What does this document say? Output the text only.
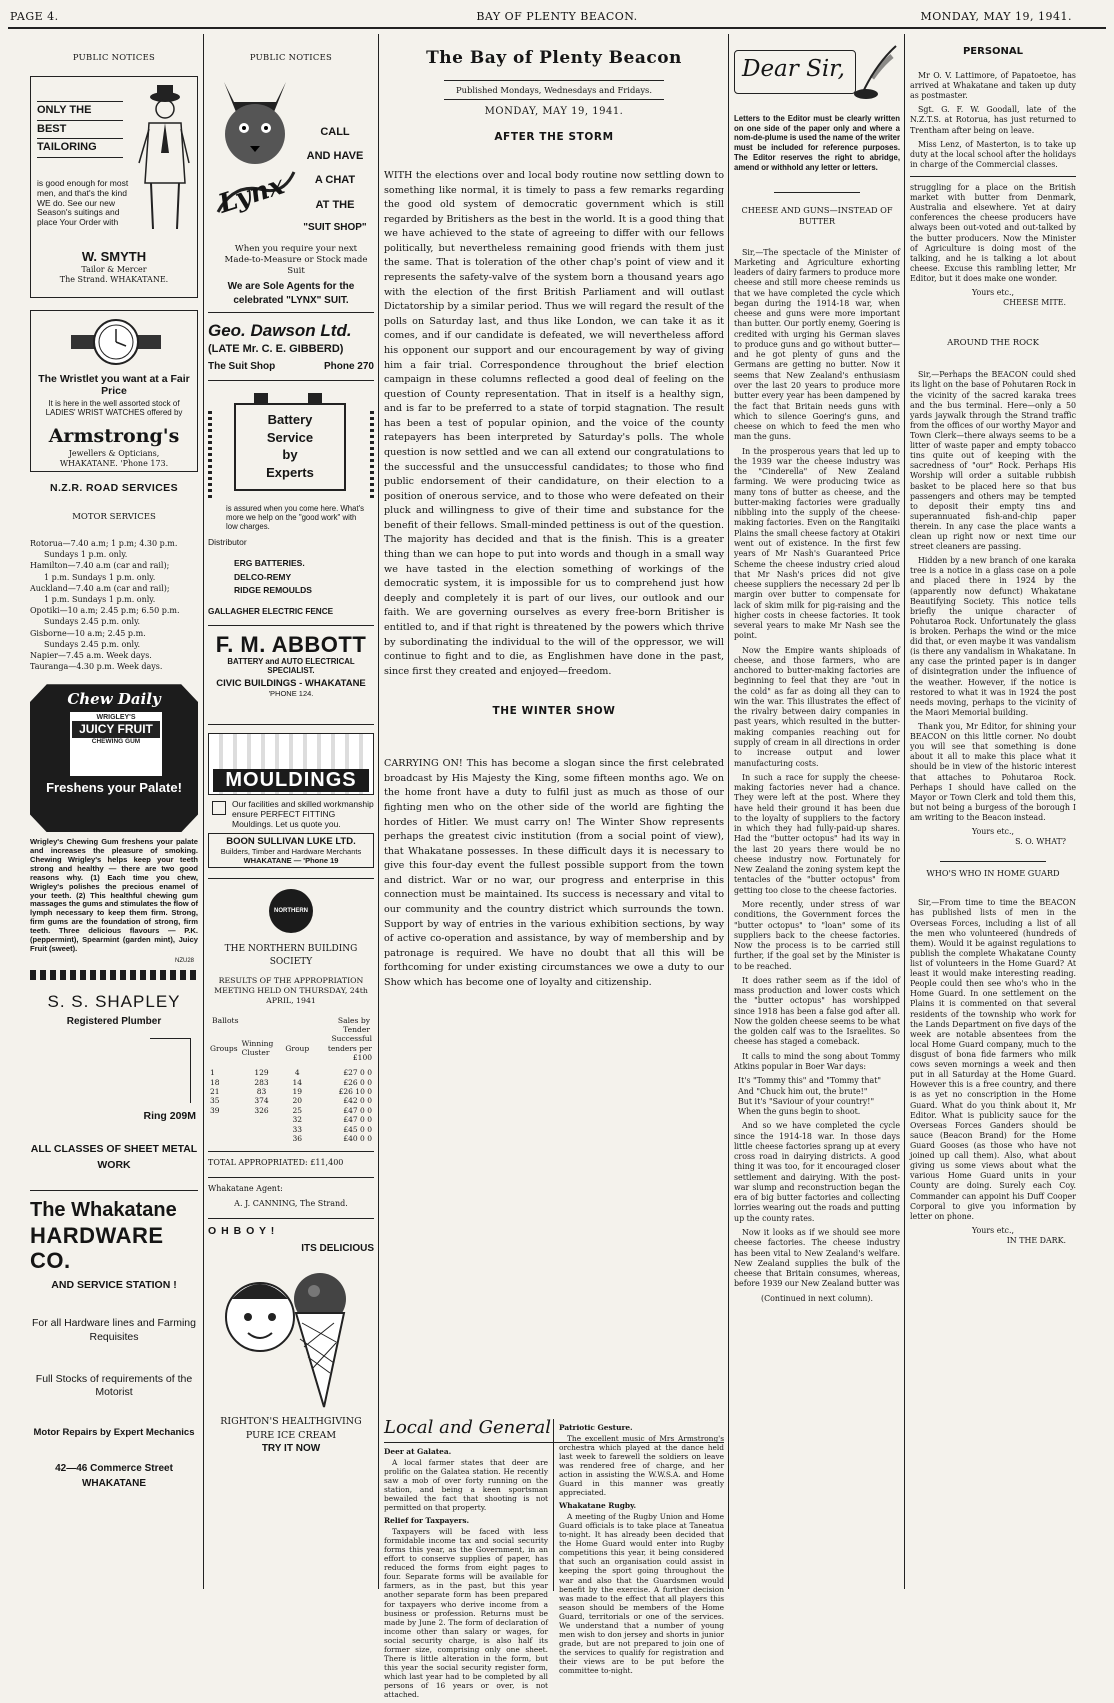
PAGE 4.	BAY OF PLENTY BEACON.	MONDAY, MAY 19, 1941.
PUBLIC NOTICES
ONLY THE
BEST
TAILORING
is good enough for most men, and that's the kind WE do. See our new Season's suitings and place Your Order with
W. SMYTH
Tailor & Mercer
The Strand. WHAKATANE.
The Wristlet you want at a Fair Price
It is here in the well assorted stock of LADIES' WRIST WATCHES offered by
Armstrong's
Jewellers & Opticians,
WHAKATANE. 'Phone 173.
N.Z.R. ROAD SERVICES
MOTOR SERVICES
Rotorua—7.40 a.m; 1 p.m; 4.30 p.m.
Sundays 1 p.m. only.
Hamilton—7.40 a.m (car and rail);
1 p.m. Sundays 1 p.m. only.
Auckland—7.40 a.m (car and rail);
1 p.m. Sundays 1 p.m. only.
Opotiki—10 a.m; 2.45 p.m; 6.50 p.m.
Sundays 2.45 p.m. only.
Gisborne—10 a.m; 2.45 p.m.
Sundays 2.45 p.m. only.
Napier—7.45 a.m. Week days.
Tauranga—4.30 p.m. Week days.
Chew Daily
WRIGLEY'S
JUICY FRUIT
CHEWING GUM
Freshens your Palate!
Wrigley's Chewing Gum freshens your palate and increases the pleasure of smoking. Chewing Wrigley's helps keep your teeth strong and healthy — there are two good reasons why. (1) Each time you chew, Wrigley's polishes the precious enamel of your teeth. (2) This healthful chewing gum massages the gums and stimulates the flow of lymph necessary to keep them firm. Strong, firm gums are the foundation of strong, firm teeth. Three delicious flavours — P.K. (peppermint), Spearmint (garden mint), Juicy Fruit (sweet).
NZU28
S. S. SHAPLEY
Registered Plumber
Ring 209M
ALL CLASSES OF SHEET METAL WORK
The Whakatane
HARDWARE CO.
AND SERVICE STATION !
For all Hardware lines and Farming Requisites
Full Stocks of requirements of the Motorist
Motor Repairs by Expert Mechanics
42—46 Commerce Street
WHAKATANE
PUBLIC NOTICES
Lynx
CALL
AND HAVE
A CHAT
AT THE
"SUIT SHOP"
When you require your next Made-to-Measure or Stock made Suit
We are Sole Agents for the celebrated "LYNX" SUIT.
Geo. Dawson Ltd.
(LATE Mr. C. E. GIBBERD)
The Suit Shop	Phone 270
Battery
Service
by
Experts
is assured when you come here. What's more we help on the "good work" with low charges.
Distributor
ERG BATTERIES.
DELCO-REMY
RIDGE REMOULDS
GALLAGHER ELECTRIC FENCE
F. M. ABBOTT
BATTERY and AUTO ELECTRICAL SPECIALIST.
CIVIC BUILDINGS - WHAKATANE
'PHONE 124.
MOULDINGS
Our facilities and skilled workmanship ensure PERFECT FITTING Mouldings. Let us quote you.
BOON SULLIVAN LUKE LTD.
Builders, Timber and Hardware Merchants
WHAKATANE — 'Phone 19
NORTHERN
THE NORTHERN BUILDING SOCIETY
RESULTS OF THE APPROPRIATION MEETING HELD ON THURSDAY, 24th APRIL, 1941
Ballots	Sales by Tender
Groups	Winning Cluster	Group	Successful tenders per £100

1	129	4	£27 0 0
18	283	14	£26 0 0
21	83	19	£26 10 0
35	374	20	£42 0 0
39	326	25	£47 0 0
		32	£47 0 0
		33	£45 0 0
		36	£40 0 0
TOTAL APPROPRIATED: £11,400
Whakatane Agent:
A. J. CANNING, The Strand.
O H B O Y !
ITS DELICIOUS
RIGHTON'S HEALTHGIVING
PURE ICE CREAM
TRY IT NOW
The Bay of Plenty Beacon
Published Mondays, Wednesdays and Fridays.
MONDAY, MAY 19, 1941.
AFTER THE STORM

WITH the elections over and local body routine now settling down to something like normal, it is timely to pass a few remarks regarding the good old system of democratic government which is still regarded by Britishers as the best in the world. It is a good thing that we have achieved to the state of agreeing to differ with our fellows politically, but nevertheless remaining good friends with them just the same. That is toleration of the other chap's point of view and it represents the safety-valve of the system born a thousand years ago with the election of the first British Parliament and will outlast Dictatorship by a similar period. Thus we will regard the result of the polls on Saturday last, and thus like London, we can take it as it comes, and if our candidate is defeated, we will nevertheless afford his opponent our support and our encouragement by way of giving him a fair trial. Correspondence throughout the brief election campaign in these columns reflected a good deal of feeling on the question of County representation. That in itself is a healthy sign, and is far to be preferred to a state of torpid stagnation. The result has been a test of popular opinion, and the voice of the county ratepayers has been interpreted by Saturday's polls. The whole question is now settled and we can all extend our congratulations to the successful and the unsuccessful candidates; to those who find public endorsement of their candidature, on their election to a position of onerous service, and to those who were defeated on their pluck and willingness to give of their time and substance for the benefit of their fellows. Small-minded pettiness is out of the question. The majority has decided and that is the finish. This is a greater thing than we can hope to put into words and though in a small way we have tasted in the election something of workings of the democratic system, it is impossible for us to comprehend just how deeply and completely it is part of our lives, our outlook and our faith. We are governing ourselves as every free-born Britisher is entitled to, and if that right is threatened by the powers which thrive by subordinating the individual to the will of the oppressor, we will continue to fight and to die, as Englishmen have done in the past, since first they created and enjoyed—freedom.

THE WINTER SHOW

CARRYING ON! This has become a slogan since the first celebrated broadcast by His Majesty the King, some fifteen months ago. We on the home front have a duty to fulfil just as much as those of our fighting men who on the other side of the world are fighting the hordes of Hitler. We must carry on! The Winter Show represents perhaps the greatest civic institution (from a social point of view), that Whakatane possesses. In these difficult days it is necessary to give this four-day event the fullest possible support from the town and district. War or no war, our progress and enterprise in this connection must be maintained. Its success is necessary and vital to our community and the country district which surrounds the town. Support by way of entries in the various exhibition sections, by way of active co-operation and assistance, by way of membership and by patronage is required. We have no doubt that all this will be forthcoming for under existing circumstances we owe a duty to our Show which has become one of loyalty and citizenship.

Local and General
Deer at Galatea.

A local farmer states that deer are prolific on the Galatea station. He recently saw a mob of over forty running on the station, and being a keen sportsman bewailed the fact that shooting is not permitted on that property.

Relief for Taxpayers.

Taxpayers will be faced with less formidable income tax and social security forms this year, as the Government, in an effort to conserve supplies of paper, has reduced the forms from eight pages to four. Separate forms will be available for farmers, as in the past, but this year another separate form has been prepared for taxpayers who derive income from a business or profession. Returns must be made by June 2. The form of declaration of income other than salary or wages, for social security charge, is also half its former size, comprising only one sheet. There is little alteration in the form, but this year the social security register form, which last year had to be completed by all persons of 16 years or over, is not attached.

Patriotic Gesture.

The excellent music of Mrs Armstrong's orchestra which played at the dance held last week to farewell the soldiers on leave was rendered free of charge, and her action in assisting the W.W.S.A. and Home Guard in this manner was greatly appreciated.

Whakatane Rugby.

A meeting of the Rugby Union and Home Guard officials is to take place at Taneatua to-night. It has already been decided that the Home Guard would enter into Rugby competitions this year, it being considered that such an organisation could assist in keeping the sport going throughout the war and also that the Guardsmen would benefit by the exercise. A further decision was made to the effect that all players this season should be members of the Home Guard, territorials or one of the services. We understand that a number of young men wish to don jersey and shorts in junior grade, but are not prepared to join one of the services to qualify for registration and their views are to be put before the committee to-night.

Dear Sir,
Letters to the Editor must be clearly written on one side of the paper only and where a nom-de-plume is used the name of the writer must be included for reference purposes. The Editor reserves the right to abridge, amend or withhold any letter or letters.
CHEESE AND GUNS—INSTEAD OF BUTTER

Sir,—The spectacle of the Minister of Marketing and Agriculture exhorting leaders of dairy farmers to produce more cheese and still more cheese reminds us that we have completed the cycle which began during the 1914-18 war, when cheese and guns were more important than butter. Our portly enemy, Goering is credited with urging his German slaves to produce guns and go without butter—and he got plenty of guns and the Germans are getting no butter. Now it seems that New Zealand's enthusiasm over the last 20 years to produce more butter every year has been dampened by the fact that Britain needs guns with which to silence Goering's guns, and cheese on which to feed the men who man the guns.

In the prosperous years that led up to the 1939 war the cheese industry was the "Cinderella" of New Zealand farming. We were producing twice as many tons of butter as cheese, and the butter-making factories were gradually nibbling into the supply of the cheese-making factories. Even on the Rangitaiki Plains the small cheese factory at Otakiri went out of existence. In the first few years of Mr Nash's Guaranteed Price Scheme the cheese industry cried aloud that Mr Nash's prices did not give cheese suppliers the necessary 2d per lb margin over butter to compensate for lack of skim milk for pig-raising and the higher costs in cheese factories. It took several years to make Mr Nash see the point.

Now the Empire wants shiploads of cheese, and those farmers, who are anchored to butter-making factories are beginning to feel that they are "out in the cold" as far as doing all they can to win the war. This illustrates the effect of the rivalry between dairy companies in past years, which resulted in the butter-making companies reaching out for supply of cream in all directions in order to increase output and lower manufacturing costs.

In such a race for supply the cheese-making factories never had a chance. They were left at the post. Where they have held their ground it has been due to the loyalty of suppliers to the factory in which they had fully-paid-up shares. Had the "butter octopus" had its way in the last 20 years there would be no cheese industry now. Fortunately for New Zealand the zoning system kept the tentacles of the "butter octopus" from getting too close to the cheese factories.

More recently, under stress of war conditions, the Government forces the "butter octopus" to "loan" some of its suppliers back to the cheese factories. Now the process is to be carried still further, if the goal set by the Minister is to be reached.

It does rather seem as if the idol of mass production and lower costs which the "butter octopus" has worshipped since 1918 has been a false god after all. Now the golden cheese seems to be what the golden calf was to the Israelites. So cheese has staged a comeback.

It calls to mind the song about Tommy Atkins popular in Boer War days:

It's "Tommy this" and "Tommy that"
And "Chuck him out, the brute!"
But it's "Saviour of your country!"
When the guns begin to shoot.

And so we have completed the cycle since the 1914-18 war. In those days little cheese factories sprang up at every cross road in dairying districts. A good thing it was too, for it encouraged closer settlement and dairying. With the post-war slump and reconstruction began the era of big butter factories and collecting lorries wearing out the roads and putting up the county rates.

Now it looks as if we should see more cheese factories. The cheese industry has been vital to New Zealand's welfare. New Zealand supplies the bulk of the cheese that Britain consumes, whereas, before 1939 our New Zealand butter was

(Continued in next column).
PERSONAL

Mr O. V. Lattimore, of Papatoetoe, has arrived at Whakatane and taken up duty as postmaster.

Sgt. G. F. W. Goodall, late of the N.Z.T.S. at Rotorua, has just returned to Trentham after being on leave.

Miss Lenz, of Masterton, is to take up duty at the local school after the holidays in charge of the Commercial classes.

struggling for a place on the British market with butter from Denmark, Australia and elsewhere. Yet at dairy conferences the cheese producers have always been out-voted and out-talked by the butter producers. Now the Minister of Agriculture is doing most of the talking, and he is talking a lot about cheese. Excuse this rambling letter, Mr Editor, but it does make one wonder.

Yours etc.,
CHEESE MITE.
AROUND THE ROCK

Sir,—Perhaps the BEACON could shed its light on the base of Pohutaren Rock in the vicinity of the sacred karaka trees and the bus terminal. Here—only a 50 yards jaywalk through the Strand traffic from the offices of our worthy Mayor and Town Clerk—there always seems to be a litter of waste paper and empty tobacco tins quite out of keeping with the sacredness of "our" Rock. Perhaps His Worship will order a suitable rubbish basket to be placed here so that bus passengers and others may be tempted to deposit their empty tins and superannuated fish-and-chip paper therein. In any case the place wants a clean up right now or next time our street cleaners are passing.

Hidden by a new branch of one karaka tree is a notice in a glass case on a pole and placed there in 1924 by the (apparently now defunct) Whakatane Beautifying Society. This notice tells briefly the unique character of Pohutaroa Rock. Unfortunately the glass is broken. Perhaps the wind or the mice did that, or even maybe it was vandalism (is there any vandalism in Whakatane. In any case the printed paper is in danger of disintegration under the influence of the weather. However, if the notice is restored to what it was in 1924 the post needs moving, perhaps to the vicinity of the Maori Memorial building.

Thank you, Mr Editor, for shining your BEACON on this little corner. No doubt you will see that something is done about it all to make this place what it should be in view of the historic interest that attaches to Pohutaroa Rock. Perhaps I should have called on the Mayor or Town Clerk and told them this, but not being a burgess of the borough I am writing to the Beacon instead.

Yours etc.,
S. O. WHAT?
WHO'S WHO IN HOME GUARD

Sir,—From time to time the BEACON has published lists of men in the Overseas Forces, including a list of all the men who volunteered (hundreds of them). Would it be against regulations to publish the complete Whakatane County list of volunteers in the Home Guard? At least it would make interesting reading. People could then see who's who in the Home Guard. In one settlement on the Plains it is commented on that several residents of the township who work for the Lands Department on five days of the week are notable absentees from the local Home Guard company, much to the disgust of bona fide farmers who milk cows seven mornings a week and then put in all Saturday at the Home Guard. However this is a free country, and there is as yet no conscription in the Home Guard. What do you think about it, Mr Editor. What is publicity sauce for the Overseas Forces Ganders should be sauce (Beacon Brand) for the Home Guard Gooses (as those who have not joined up call them). Also, what about giving us some views about what the various Home Guard units in your County are doing. Surely each Coy. Commander can appoint his Duff Cooper Corporal to give you information by letter on phone.

Yours etc.,
IN THE DARK.
